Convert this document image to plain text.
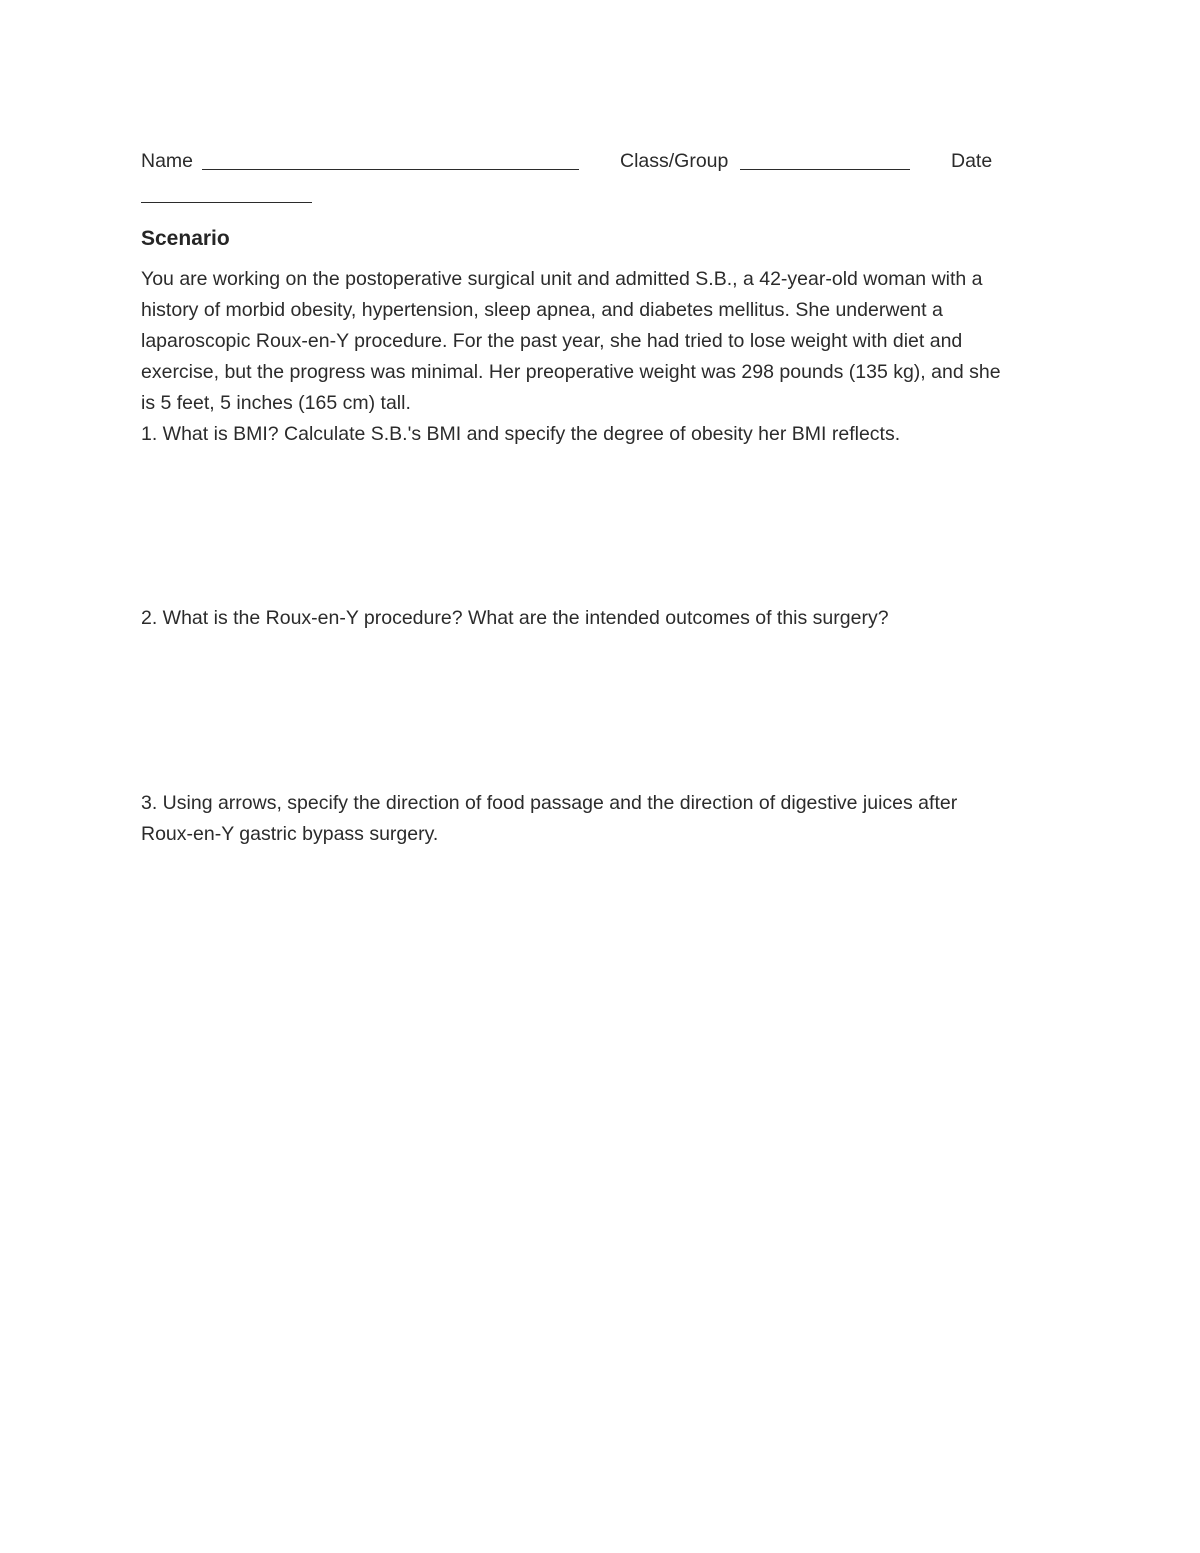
Name	Class/Group	Date
Scenario

You are working on the postoperative surgical unit and admitted S.B., a 42-year-old woman with a
history of morbid obesity, hypertension, sleep apnea, and diabetes mellitus. She underwent a
laparoscopic Roux-en-Y procedure. For the past year, she had tried to lose weight with diet and
exercise, but the progress was minimal. Her preoperative weight was 298 pounds (135 kg), and she
is 5 feet, 5 inches (165 cm) tall.

1. What is BMI? Calculate S.B.'s BMI and specify the degree of obesity her BMI reflects.

2. What is the Roux-en-Y procedure? What are the intended outcomes of this surgery?

3. Using arrows, specify the direction of food passage and the direction of digestive juices after
Roux-en-Y gastric bypass surgery.
